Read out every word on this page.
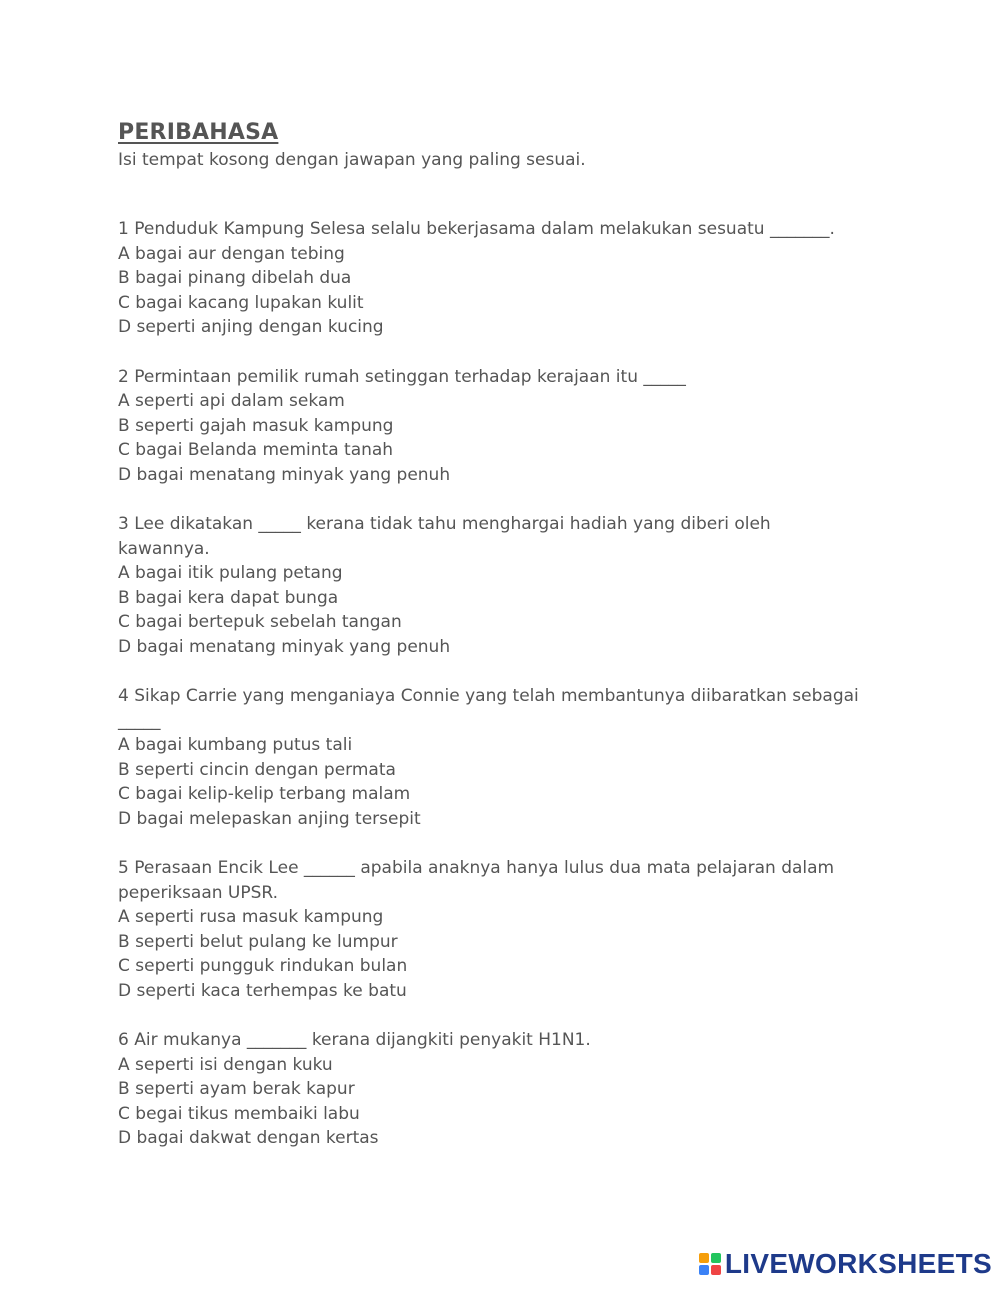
PERIBAHASA

Isi tempat kosong dengan jawapan yang paling sesuai.

1 Penduduk Kampung Selesa selalu bekerjasama dalam melakukan sesuatu _______.

A bagai aur dengan tebing

B bagai pinang dibelah dua

C bagai kacang lupakan kulit

D seperti anjing dengan kucing

2 Permintaan pemilik rumah setinggan terhadap kerajaan itu _____

A seperti api dalam sekam

B seperti gajah masuk kampung

C bagai Belanda meminta tanah

D bagai menatang minyak yang penuh

3 Lee dikatakan _____ kerana tidak tahu menghargai hadiah yang diberi oleh

kawannya.

A bagai itik pulang petang

B bagai kera dapat bunga

C bagai bertepuk sebelah tangan

D bagai menatang minyak yang penuh

4 Sikap Carrie yang menganiaya Connie yang telah membantunya diibaratkan sebagai

_____

A bagai kumbang putus tali

B seperti cincin dengan permata

C bagai kelip-kelip terbang malam

D bagai melepaskan anjing tersepit

5 Perasaan Encik Lee ______ apabila anaknya hanya lulus dua mata pelajaran dalam

peperiksaan UPSR.

A seperti rusa masuk kampung

B seperti belut pulang ke lumpur

C seperti pungguk rindukan bulan

D seperti kaca terhempas ke batu

6 Air mukanya _______ kerana dijangkiti penyakit H1N1.

A seperti isi dengan kuku

B seperti ayam berak kapur

C begai tikus membaiki labu

D bagai dakwat dengan kertas

LIVEWORKSHEETS
